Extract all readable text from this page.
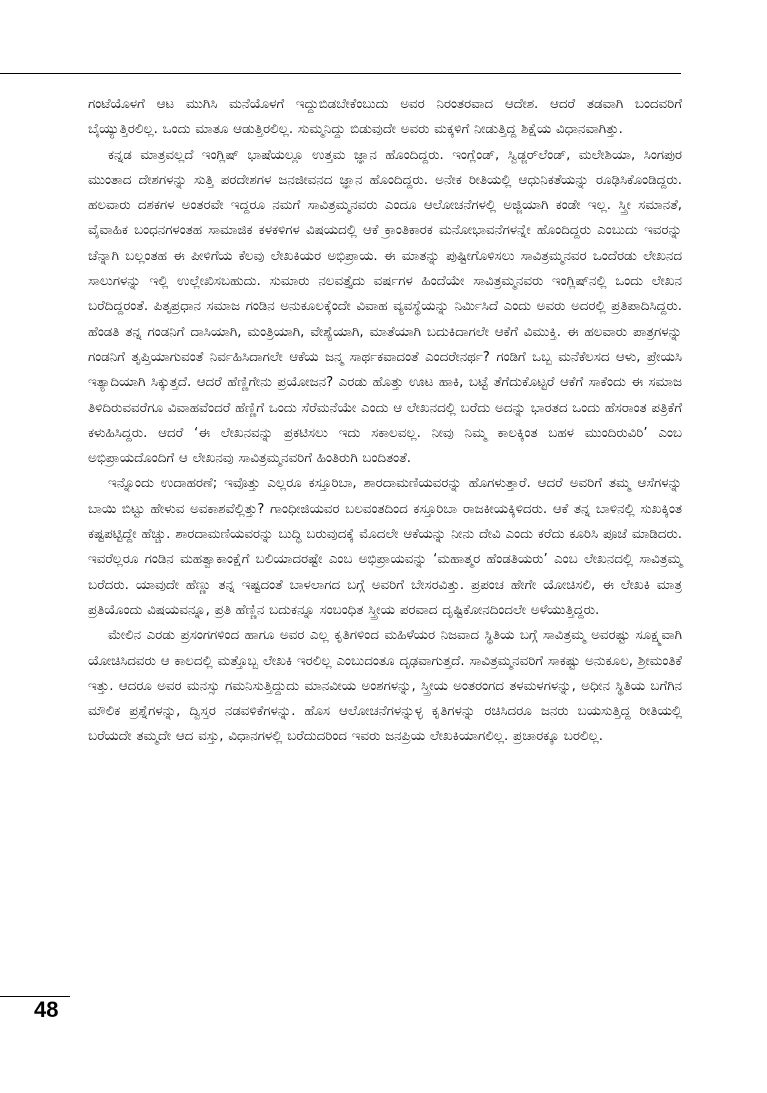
ಗಂಟೆಯೊಳಗೆ ಆಟ ಮುಗಿಸಿ ಮನೆಯೊಳಗೆ ಇದ್ದುಬಿಡಬೇಕೆಂಬುದು ಅವರ ನಿರಂತರವಾದ ಆದೇಶ. ಆದರೆ ತಡವಾಗಿ ಬಂದವರಿಗೆ ಬೈಯ್ಯುತ್ತಿರಲಿಲ್ಲ. ಒಂದು ಮಾತೂ ಆಡುತ್ತಿರಲಿಲ್ಲ. ಸುಮ್ಮನಿದ್ದು ಬಿಡುವುದೇ ಅವರು ಮಕ್ಕಳಿಗೆ ನೀಡುತ್ತಿದ್ದ ಶಿಕ್ಷೆಯ ವಿಧಾನವಾಗಿತ್ತು.

ಕನ್ನಡ ಮಾತ್ರವಲ್ಲದೆ ಇಂಗ್ಲಿಷ್ ಭಾಷೆಯಲ್ಲೂ ಉತ್ತಮ ಜ್ಞಾನ ಹೊಂದಿದ್ದರು. ಇಂಗ್ಲೆಂಡ್, ಸ್ವಿಡ್ಜರ್‌ಲೆಂಡ್, ಮಲೇಶಿಯಾ, ಸಿಂಗಪುರ ಮುಂತಾದ ದೇಶಗಳನ್ನು ಸುತ್ತಿ ಪರದೇಶಗಳ ಜನಜೀವನದ ಜ್ಞಾನ ಹೊಂದಿದ್ದರು. ಅನೇಕ ರೀತಿಯಲ್ಲಿ ಆಧುನಿಕತೆಯನ್ನು ರೂಢಿಸಿಕೊಂಡಿದ್ದರು. ಹಲವಾರು ದಶಕಗಳ ಅಂತರವೇ ಇದ್ದರೂ ನಮಗೆ ಸಾವಿತ್ರಮ್ಮನವರು ಎಂದೂ ಆಲೋಚನೆಗಳಲ್ಲಿ ಅಜ್ಜಿಯಾಗಿ ಕಂಡೇ ಇಲ್ಲ. ಸ್ತ್ರೀ ಸಮಾನತೆ, ವೈವಾಹಿಕ ಬಂಧನಗಳಂತಹ ಸಾಮಾಜಿಕ ಕಳಕಳಿಗಳ ವಿಷಯದಲ್ಲಿ ಆಕೆ ಕ್ರಾಂತಿಕಾರಕ ಮನೋಭಾವನೆಗಳನ್ನೇ ಹೊಂದಿದ್ದರು ಎಂಬುದು ಇವರನ್ನು ಚೆನ್ನಾಗಿ ಬಲ್ಲಂತಹ ಈ ಪೀಳಿಗೆಯ ಕೆಲವು ಲೇಖಕಿಯರ ಅಭಿಪ್ರಾಯ. ಈ ಮಾತನ್ನು ಪುಷ್ಟೀಗೊಳಿಸಲು ಸಾವಿತ್ರಮ್ಮನವರ ಒಂದೆರಡು ಲೇಖನದ ಸಾಲುಗಳನ್ನು ಇಲ್ಲಿ ಉಲ್ಲೇಖಿಸಬಹುದು. ಸುಮಾರು ನಲವತ್ತೈದು ವರ್ಷಗಳ ಹಿಂದೆಯೇ ಸಾವಿತ್ರಮ್ಮನವರು ಇಂಗ್ಲಿಷ್‌ನಲ್ಲಿ ಒಂದು ಲೇಖನ ಬರೆದಿದ್ದರಂತೆ. ಪಿತೃಪ್ರಧಾನ ಸಮಾಜ ಗಂಡಿನ ಅನುಕೂಲಕ್ಕೆಂದೇ ವಿವಾಹ ವ್ಯವಸ್ಥೆಯನ್ನು ನಿರ್ಮಿಸಿದೆ ಎಂದು ಅವರು ಅದರಲ್ಲಿ ಪ್ರತಿಪಾದಿಸಿದ್ದರು. ಹೆಂಡತಿ ತನ್ನ ಗಂಡನಿಗೆ ದಾಸಿಯಾಗಿ, ಮಂತ್ರಿಯಾಗಿ, ವೇಶ್ಯೆಯಾಗಿ, ಮಾತೆಯಾಗಿ ಬದುಕಿದಾಗಲೇ ಆಕೆಗೆ ವಿಮುಕ್ತಿ. ಈ ಹಲವಾರು ಪಾತ್ರಗಳನ್ನು ಗಂಡನಿಗೆ ತೃಪ್ತಿಯಾಗುವಂತೆ ನಿರ್ವಹಿಸಿದಾಗಲೇ ಆಕೆಯ ಜನ್ಮ ಸಾರ್ಥಕವಾದಂತೆ ಎಂದರೇನರ್ಥ? ಗಂಡಿಗೆ ಒಬ್ಬ ಮನೆಕೆಲಸದ ಆಳು, ಪ್ರೇಯಸಿ ಇತ್ಯಾದಿಯಾಗಿ ಸಿಕ್ಕುತ್ತದೆ. ಆದರೆ ಹೆಣ್ಣಿಗೇನು ಪ್ರಯೋಜನ? ಎರಡು ಹೊತ್ತು ಊಟ ಹಾಕಿ, ಬಟ್ಟೆ ತೆಗೆದುಕೊಟ್ಟರೆ ಆಕೆಗೆ ಸಾಕೆಂದು ಈ ಸಮಾಜ ತಿಳಿದಿರುವವರೆಗೂ ವಿವಾಹವೆಂದರೆ ಹೆಣ್ಣಿಗೆ ಒಂದು ಸೆರೆಮನೆಯೇ ಎಂದು ಆ ಲೇಖನದಲ್ಲಿ ಬರೆದು ಅದನ್ನು ಭಾರತದ ಒಂದು ಹೆಸರಾಂತ ಪತ್ರಿಕೆಗೆ ಕಳುಹಿಸಿದ್ದರು. ಆದರೆ ‘ಈ ಲೇಖನವನ್ನು ಪ್ರಕಟಿಸಲು ಇದು ಸಕಾಲವಲ್ಲ. ನೀವು ನಿಮ್ಮ ಕಾಲಕ್ಕಿಂತ ಬಹಳ ಮುಂದಿರುವಿರಿ’ ಎಂಬ ಅಭಿಪ್ರಾಯದೊಂದಿಗೆ ಆ ಲೇಖನವು ಸಾವಿತ್ರಮ್ಮನವರಿಗೆ ಹಿಂತಿರುಗಿ ಬಂದಿತಂತೆ.

ಇನ್ನೊಂದು ಉದಾಹರಣೆ; ಇವೊತ್ತು ಎಲ್ಲರೂ ಕಸ್ತೂರಿಬಾ, ಶಾರದಾಮಣಿಯವರನ್ನು ಹೊಗಳುತ್ತಾರೆ. ಆದರೆ ಅವರಿಗೆ ತಮ್ಮ ಆಸೆಗಳನ್ನು ಬಾಯಿ ಬಿಟ್ಟು ಹೇಳುವ ಅವಕಾಶವೆಲ್ಲಿತ್ತು? ಗಾಂಧೀಜಿಯವರ ಬಲವಂತದಿಂದ ಕಸ್ತೂರಿಬಾ ರಾಜಕೀಯಕ್ಕಿಳಿದರು. ಆಕೆ ತನ್ನ ಬಾಳಿನಲ್ಲಿ ಸುಖಕ್ಕಿಂತ ಕಷ್ಟಪಟ್ಟಿದ್ದೇ ಹೆಚ್ಚು. ಶಾರದಾಮಣಿಯವರನ್ನು ಬುದ್ಧಿ ಬರುವುದಕ್ಕೆ ಮೊದಲೇ ಆಕೆಯನ್ನು ನೀನು ದೇವಿ ಎಂದು ಕರೆದು ಕೂರಿಸಿ ಪೂಜೆ ಮಾಡಿದರು. ಇವರೆಲ್ಲರೂ ಗಂಡಿನ ಮಹತ್ವಾಕಾಂಕ್ಷೆಗೆ ಬಲಿಯಾದರಷ್ಟೇ ಎಂಬ ಅಭಿಪ್ರಾಯವನ್ನು ‘ಮಹಾತ್ಮರ ಹೆಂಡತಿಯರು’ ಎಂಬ ಲೇಖನದಲ್ಲಿ ಸಾವಿತ್ರಮ್ಮ ಬರೆದರು. ಯಾವುದೇ ಹೆಣ್ಣು ತನ್ನ ಇಷ್ಟದಂತೆ ಬಾಳಲಾಗದ ಬಗ್ಗೆ ಅವರಿಗೆ ಬೇಸರವಿತ್ತು. ಪ್ರಪಂಚ ಹೇಗೇ ಯೋಚಿಸಲಿ, ಈ ಲೇಖಕಿ ಮಾತ್ರ ಪ್ರತಿಯೊಂದು ವಿಷಯವನ್ನೂ, ಪ್ರತಿ ಹೆಣ್ಣಿನ ಬದುಕನ್ನೂ ಸಂಬಂಧಿತ ಸ್ತ್ರೀಯ ಪರವಾದ ದೃಷ್ಟಿಕೋನದಿಂದಲೇ ಅಳೆಯುತ್ತಿದ್ದರು.

ಮೇಲಿನ ಎರಡು ಪ್ರಸಂಗಗಳಿಂದ ಹಾಗೂ ಅವರ ಎಲ್ಲ ಕೃತಿಗಳಿಂದ ಮಹಿಳೆಯರ ನಿಜವಾದ ಸ್ಥಿತಿಯ ಬಗ್ಗೆ ಸಾವಿತ್ರಮ್ಮ ಅವರಷ್ಟು ಸೂಕ್ಷ್ಮವಾಗಿ ಯೋಚಿಸಿದವರು ಆ ಕಾಲದಲ್ಲಿ ಮತ್ತೊಬ್ಬ ಲೇಖಕಿ ಇರಲಿಲ್ಲ ಎಂಬುದಂತೂ ದೃಢವಾಗುತ್ತದೆ. ಸಾವಿತ್ರಮ್ಮನವರಿಗೆ ಸಾಕಷ್ಟು ಅನುಕೂಲ, ಶ್ರೀಮಂತಿಕೆ ಇತ್ತು. ಆದರೂ ಅವರ ಮನಸ್ಸು ಗಮನಿಸುತ್ತಿದ್ದುದು ಮಾನವೀಯ ಅಂಶಗಳನ್ನು, ಸ್ತ್ರೀಯ ಅಂತರಂಗದ ತಳಮಳಗಳನ್ನು, ಅಧೀನ ಸ್ಥಿತಿಯ ಬಗೆಗಿನ ಮೌಲಿಕ ಪ್ರಶ್ನೆಗಳನ್ನು, ದ್ವಿಸ್ತರ ನಡವಳಿಕೆಗಳನ್ನು. ಹೊಸ ಆಲೋಚನೆಗಳನ್ನುಳ್ಳ ಕೃತಿಗಳನ್ನು ರಚಿಸಿದರೂ ಜನರು ಬಯಸುತ್ತಿದ್ದ ರೀತಿಯಲ್ಲಿ ಬರೆಯದೇ ತಮ್ಮದೇ ಆದ ವಸ್ತು, ವಿಧಾನಗಳಲ್ಲಿ ಬರೆದುದರಿಂದ ಇವರು ಜನಪ್ರಿಯ ಲೇಖಕಿಯಾಗಲಿಲ್ಲ. ಪ್ರಚಾರಕ್ಕೂ ಬರಲಿಲ್ಲ.

48
